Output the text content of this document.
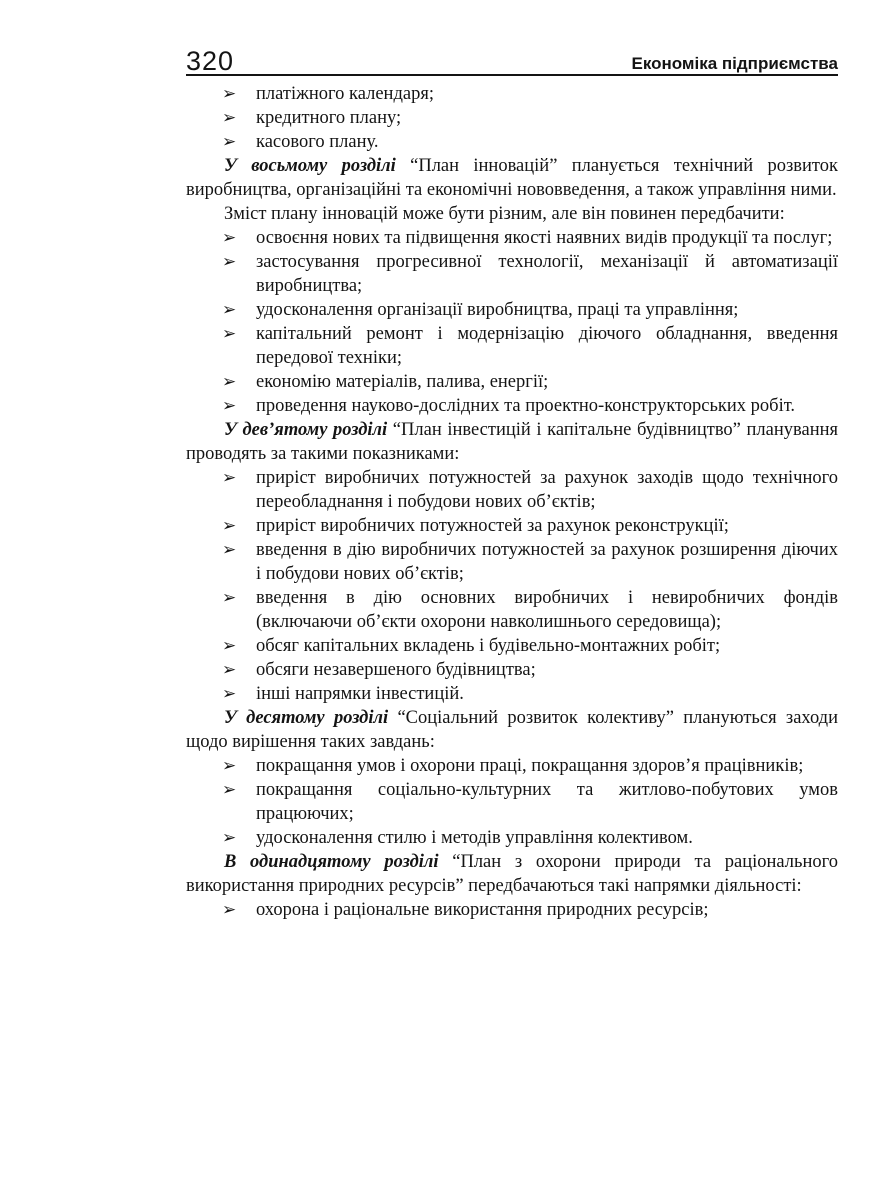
320	Економіка підприємства
➢ платіжного календаря;
➢ кредитного плану;
➢ касового плану.

У восьмому розділі “План інновацій” планується технічний розвиток виробництва, організаційні та економічні нововведення, а також управління ними.

Зміст плану інновацій може бути різним, але він повинен передбачити:

➢ освоєння нових та підвищення якості наявних видів продукції та послуг;
➢ застосування прогресивної технології, механізації й автоматизації виробництва;
➢ удосконалення організації виробництва, праці та управління;
➢ капітальний ремонт і модернізацію діючого обладнання, введення передової техніки;
➢ економію матеріалів, палива, енергії;
➢ проведення науково-дослідних та проектно-конструкторських робіт.

У дев’ятому розділі “План інвестицій і капітальне будівництво” планування проводять за такими показниками:

➢ приріст виробничих потужностей за рахунок заходів щодо технічного переобладнання і побудови нових об’єктів;
➢ приріст виробничих потужностей за рахунок реконструкції;
➢ введення в дію виробничих потужностей за рахунок розширення діючих і побудови нових об’єктів;
➢ введення в дію основних виробничих і невиробничих фондів (включаючи об’єкти охорони навколишнього середовища);
➢ обсяг капітальних вкладень і будівельно-монтажних робіт;
➢ обсяги незавершеного будівництва;
➢ інші напрямки інвестицій.

У десятому розділі “Соціальний розвиток колективу” плануються заходи щодо вирішення таких завдань:

➢ покращання умов і охорони праці, покращання здоров’я працівників;
➢ покращання соціально-культурних та житлово-побутових умов працюючих;
➢ удосконалення стилю і методів управління колективом.

В одинадцятому розділі “План з охорони природи та раціонального використання природних ресурсів” передбачаються такі напрямки діяльності:

➢ охорона і раціональне використання природних ресурсів;
